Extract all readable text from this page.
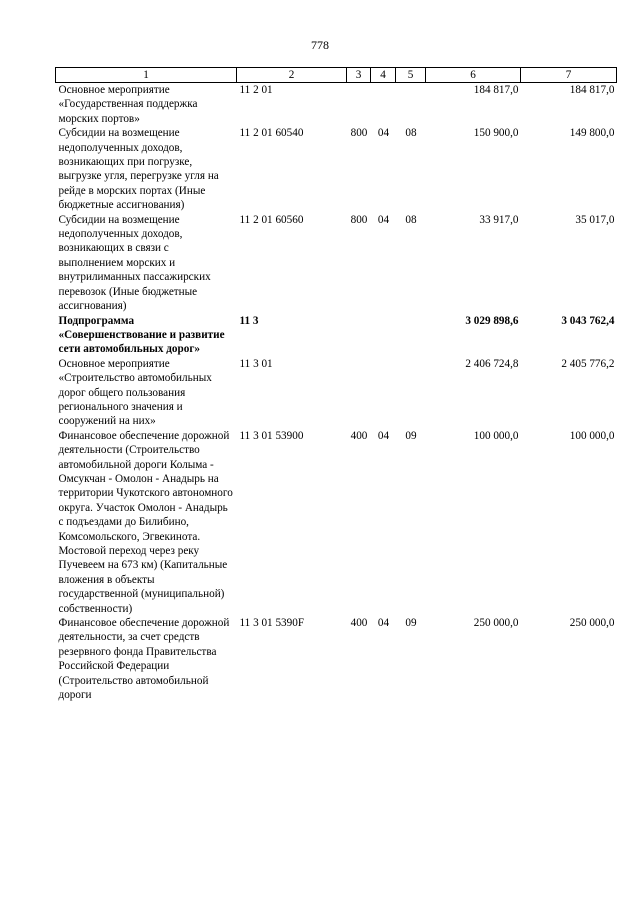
778
1	2	3	4	5	6	7
Основное мероприятие «Государственная поддержка морских портов»	11 2 01				184 817,0	184 817,0
Субсидии на возмещение недополученных доходов, возникающих при погрузке, выгрузке угля, перегрузке угля на рейде в морских портах (Иные бюджетные ассигнования)	11 2 01 60540	800	04	08	150 900,0	149 800,0
Субсидии на возмещение недополученных доходов, возникающих в связи с выполнением морских и внутрилиманных пассажирских перевозок (Иные бюджетные ассигнования)	11 2 01 60560	800	04	08	33 917,0	35 017,0
Подпрограмма «Совершенствование и развитие сети автомобильных дорог»	11 3				3 029 898,6	3 043 762,4
Основное мероприятие «Строительство автомобильных дорог общего пользования регионального значения и сооружений на них»	11 3 01				2 406 724,8	2 405 776,2
Финансовое обеспечение дорожной деятельности (Строительство автомобильной дороги Колыма - Омсукчан - Омолон - Анадырь на территории Чукотского автономного округа. Участок Омолон - Анадырь с подъездами до Билибино, Комсомольского, Эгвекинота. Мостовой переход через реку Пучевеем на 673 км) (Капитальные вложения в объекты государственной (муниципальной) собственности)	11 3 01 53900	400	04	09	100 000,0	100 000,0
Финансовое обеспечение дорожной деятельности, за счет средств резервного фонда Правительства Российской Федерации (Строительство автомобильной дороги	11 3 01 5390F	400	04	09	250 000,0	250 000,0
